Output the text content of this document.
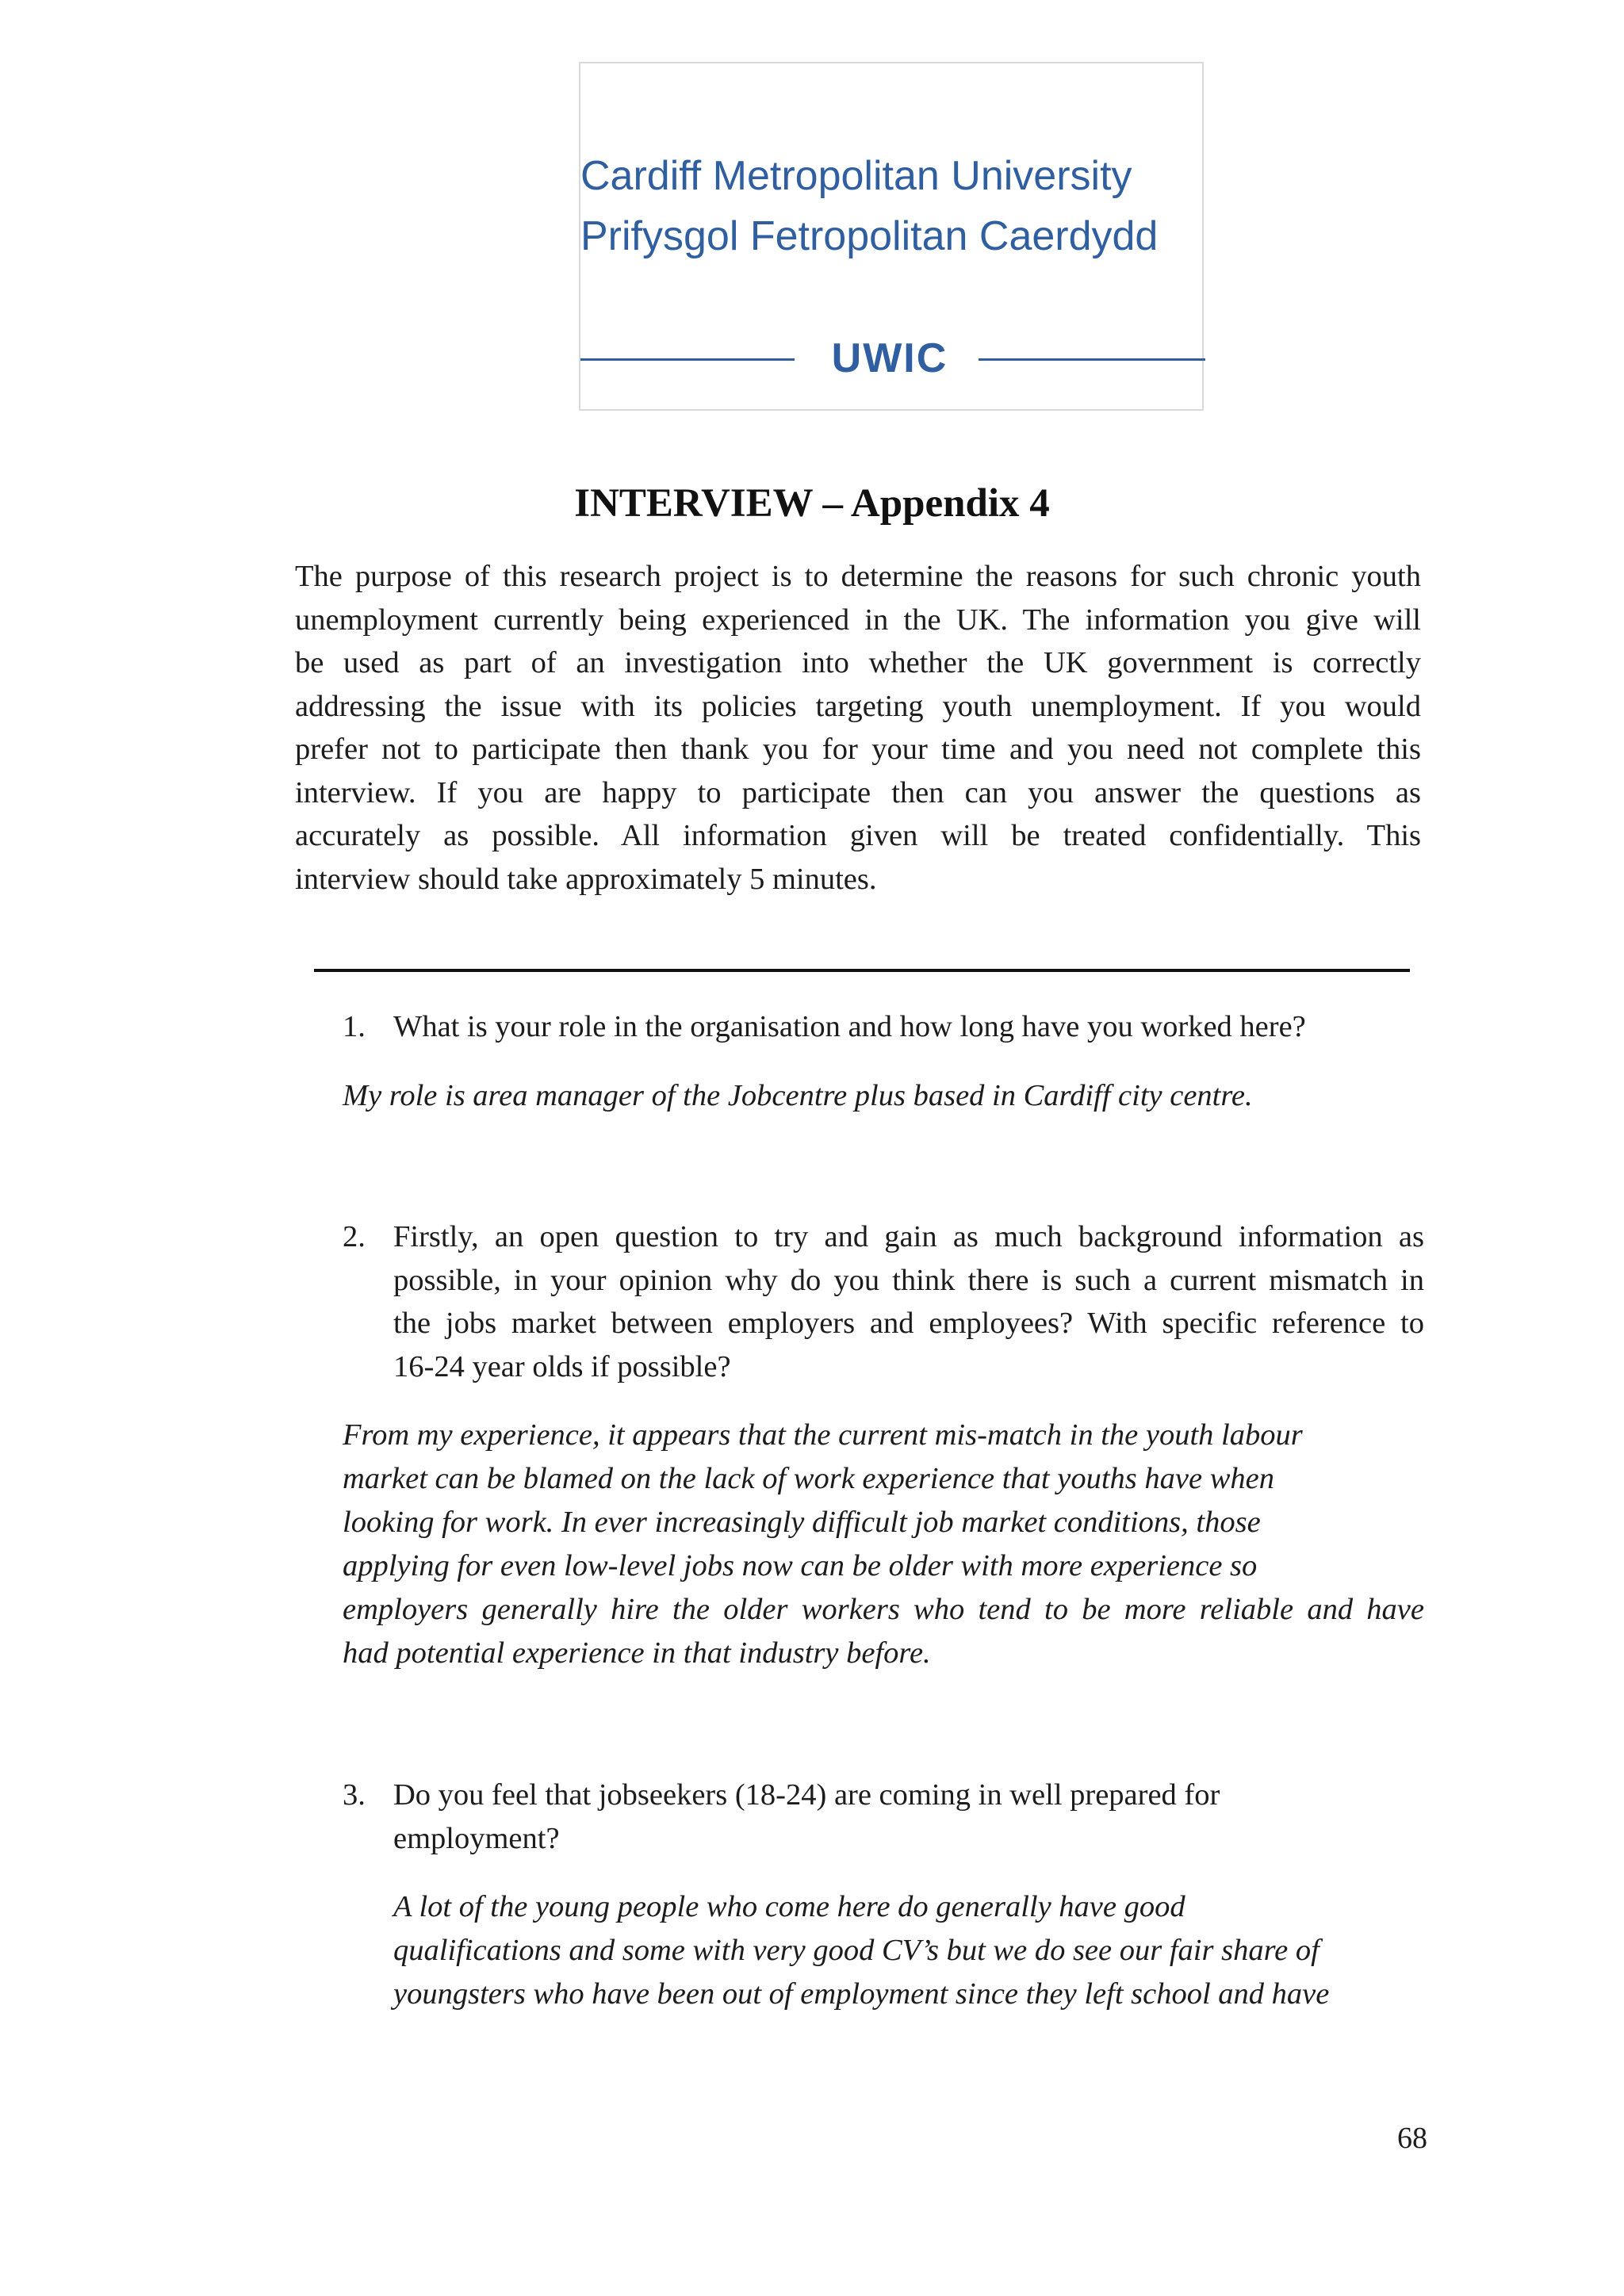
Cardiff Metropolitan University
Prifysgol Fetropolitan Caerdydd
UWIC
INTERVIEW – Appendix 4
The purpose of this research project is to determine the reasons for such chronic youth
unemployment currently being experienced in the UK. The information you give will
be used as part of an investigation into whether the UK government is correctly
addressing the issue with its policies targeting youth unemployment. If you would
prefer not to participate then thank you for your time and you need not complete this
interview. If you are happy to participate then can you answer the questions as
accurately as possible. All information given will be treated confidentially. This
interview should take approximately 5 minutes.
1. What is your role in the organisation and how long have you worked here?
My role is area manager of the Jobcentre plus based in Cardiff city centre.
2. Firstly, an open question to try and gain as much background information as
possible, in your opinion why do you think there is such a current mismatch in
the jobs market between employers and employees? With specific reference to
16-24 year olds if possible?
From my experience, it appears that the current mis-match in the youth labour
market can be blamed on the lack of work experience that youths have when
looking for work. In ever increasingly difficult job market conditions, those
applying for even low-level jobs now can be older with more experience so
employers generally hire the older workers who tend to be more reliable and have
had potential experience in that industry before.
3. Do you feel that jobseekers (18-24) are coming in well prepared for
employment?
A lot of the young people who come here do generally have good
qualifications and some with very good CV’s but we do see our fair share of
youngsters who have been out of employment since they left school and have
68
